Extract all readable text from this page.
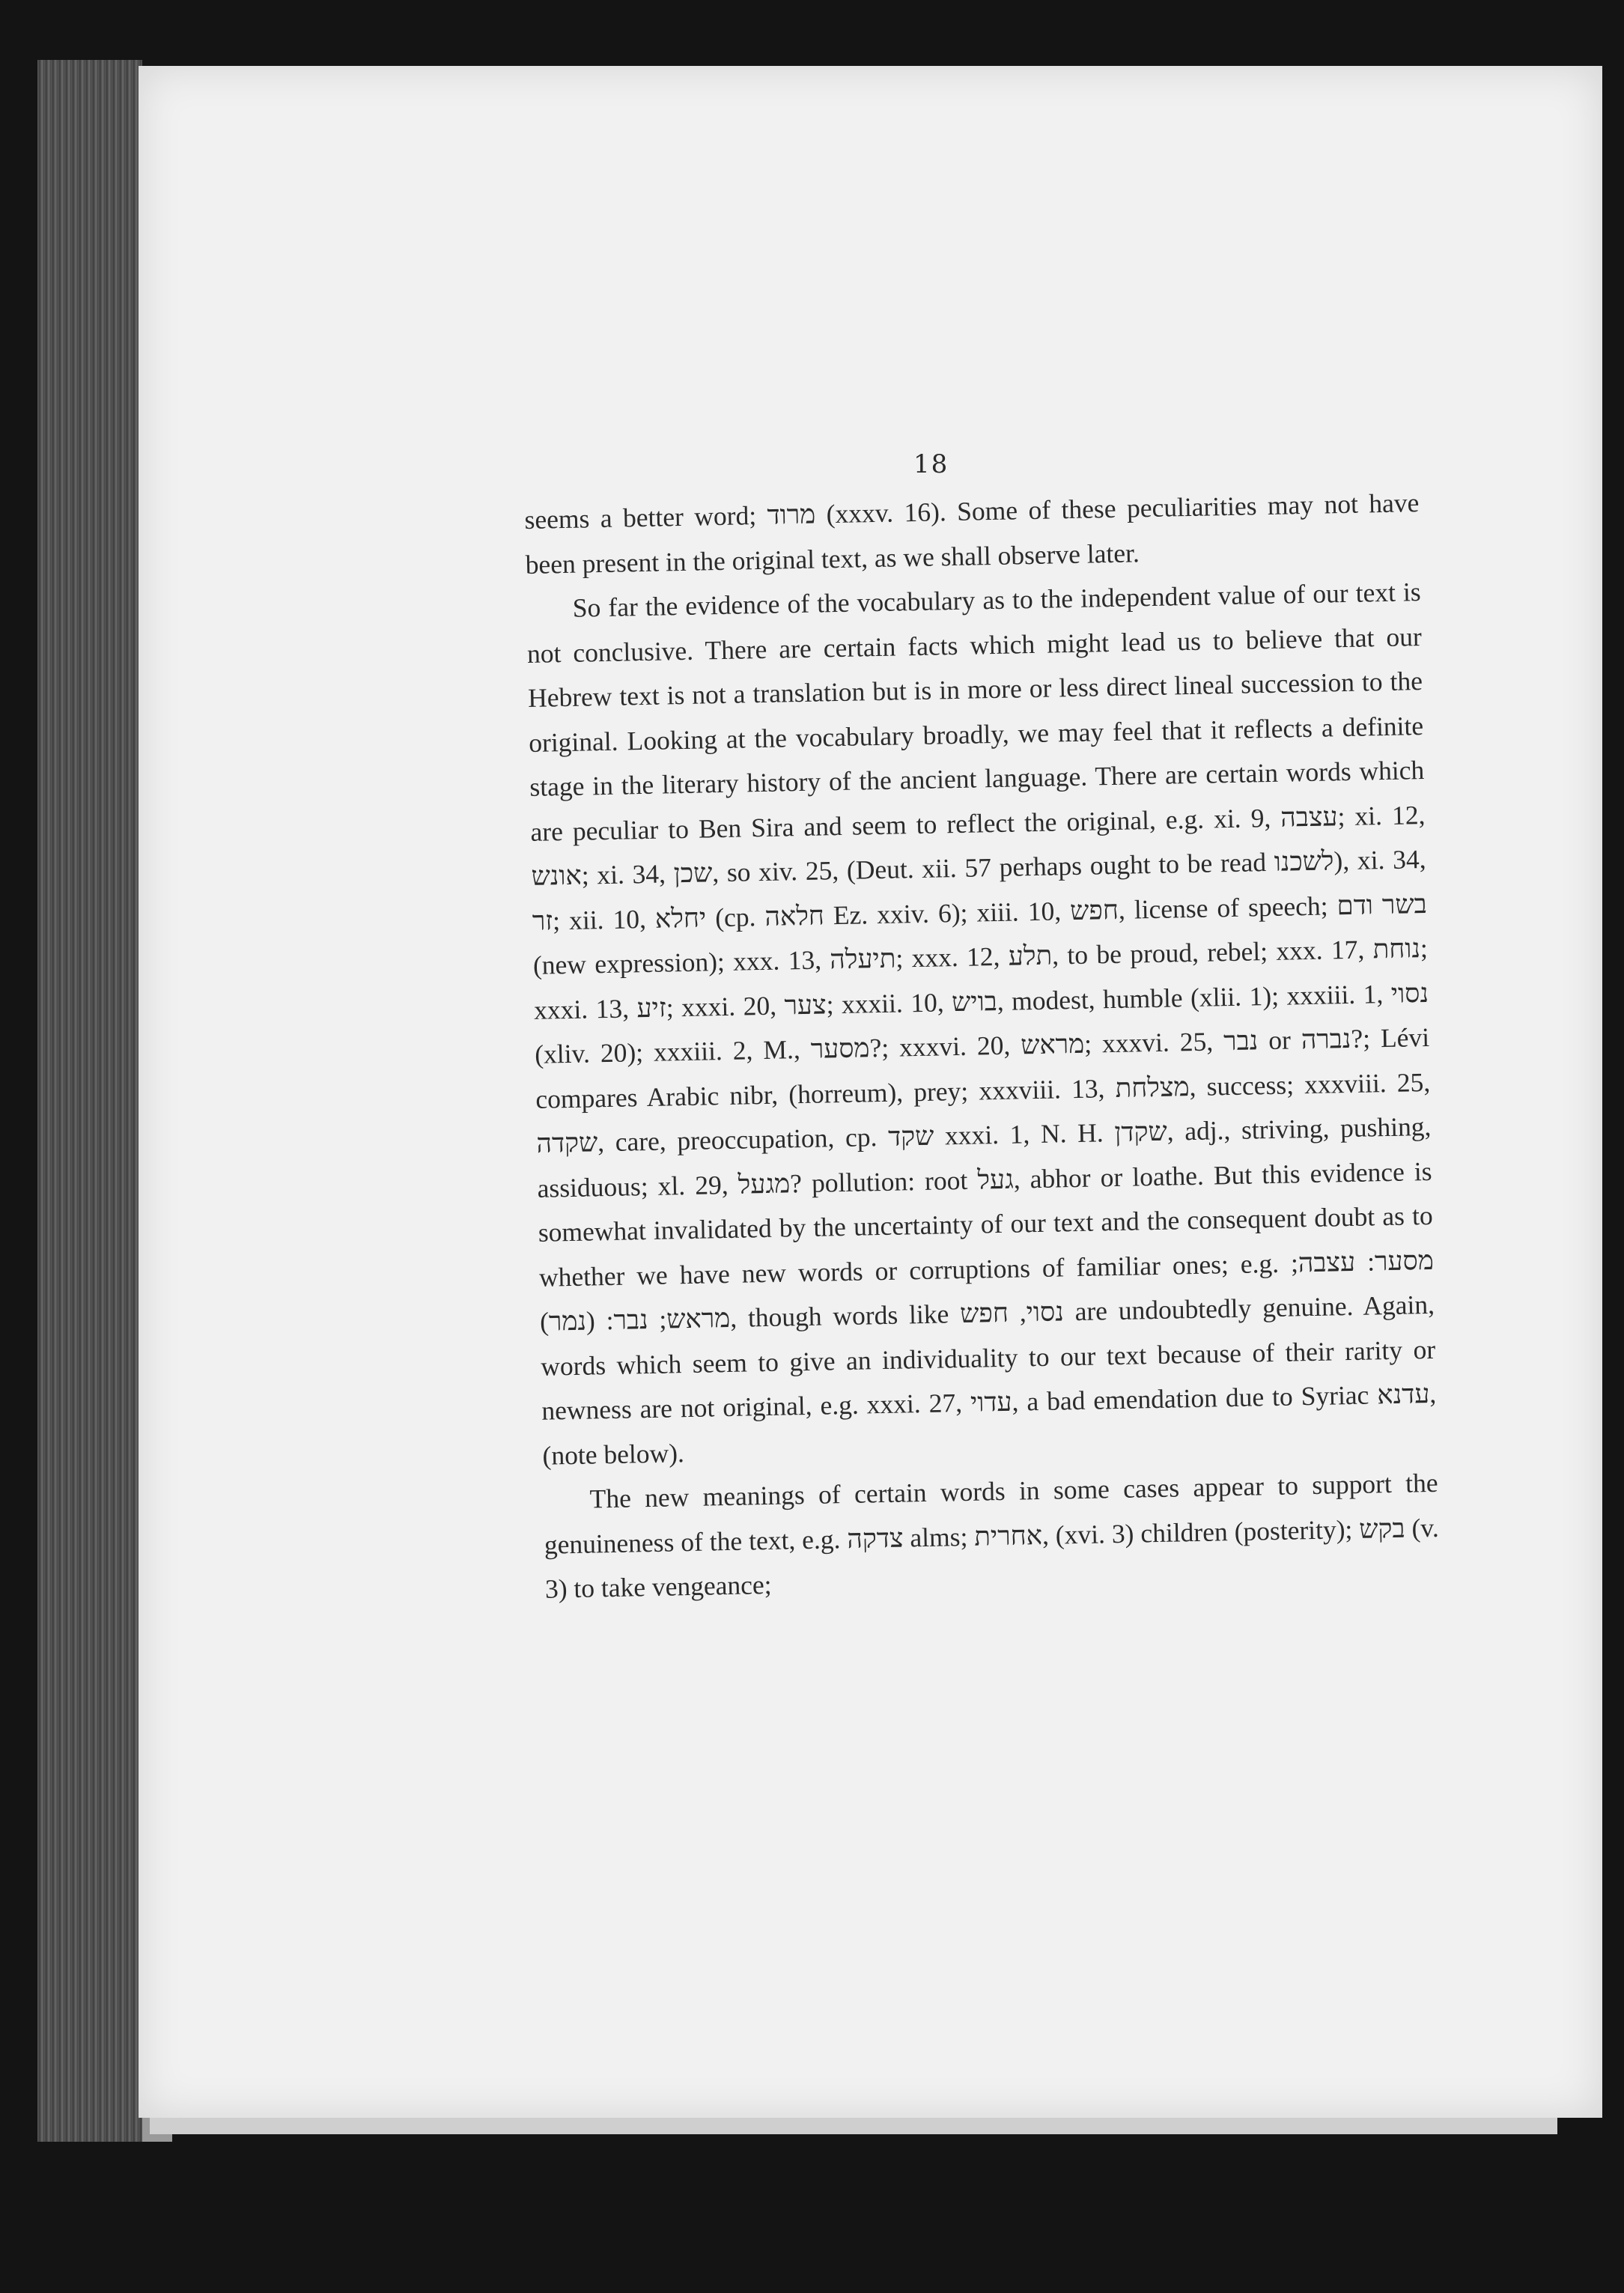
18

seems a better word; מרוד (xxxv. 16). Some of these peculiarities may not have been present in the original text, as we shall observe later.

So far the evidence of the vocabulary as to the independent value of our text is not conclusive. There are certain facts which might lead us to believe that our Hebrew text is not a translation but is in more or less direct lineal succession to the original. Looking at the vocabulary broadly, we may feel that it reflects a definite stage in the literary history of the ancient language. There are certain words which are peculiar to Ben Sira and seem to reflect the original, e.g. xi. 9, עצבה; xi. 12, אונש; xi. 34, שכן, so xiv. 25, (Deut. xii. 57 perhaps ought to be read לשכנו), xi. 34, זר; xii. 10, יחלא (cp. חלאה Ez. xxiv. 6); xiii. 10, חפש, license of speech; בשר ודם (new expression); xxx. 13, תיעלה; xxx. 12, תלע, to be proud, rebel; xxx. 17, נוחת; xxxi. 13, זיע; xxxi. 20, צער; xxxii. 10, בויש, modest, humble (xlii. 1); xxxiii. 1, נסוי (xliv. 20); xxxiii. 2, M., מסער?; xxxvi. 20, מראש; xxxvi. 25, נבר or נברה?; Lévi compares Arabic nibr, (horreum), prey; xxxviii. 13, מצלחת, success; xxxviii. 25, שקדה, care, preoccupation, cp. שקד xxxi. 1, N. H. שקדן, adj., striving, pushing, assiduous; xl. 29, מגעל? pollution: root געל, abhor or loathe. But this evidence is somewhat invalidated by the uncertainty of our text and the consequent doubt as to whether we have new words or corruptions of familiar ones; e.g. מסער: עצבה; מראש; נבר: (נמר), though words like נסוי, חפש are undoubtedly genuine. Again, words which seem to give an individuality to our text because of their rarity or newness are not original, e.g. xxxi. 27, עדוי, a bad emendation due to Syriac עדנא, (note below).

The new meanings of certain words in some cases appear to support the genuineness of the text, e.g. צדקה alms; אחרית, (xvi. 3) children (posterity); בקש (v. 3) to take vengeance;
